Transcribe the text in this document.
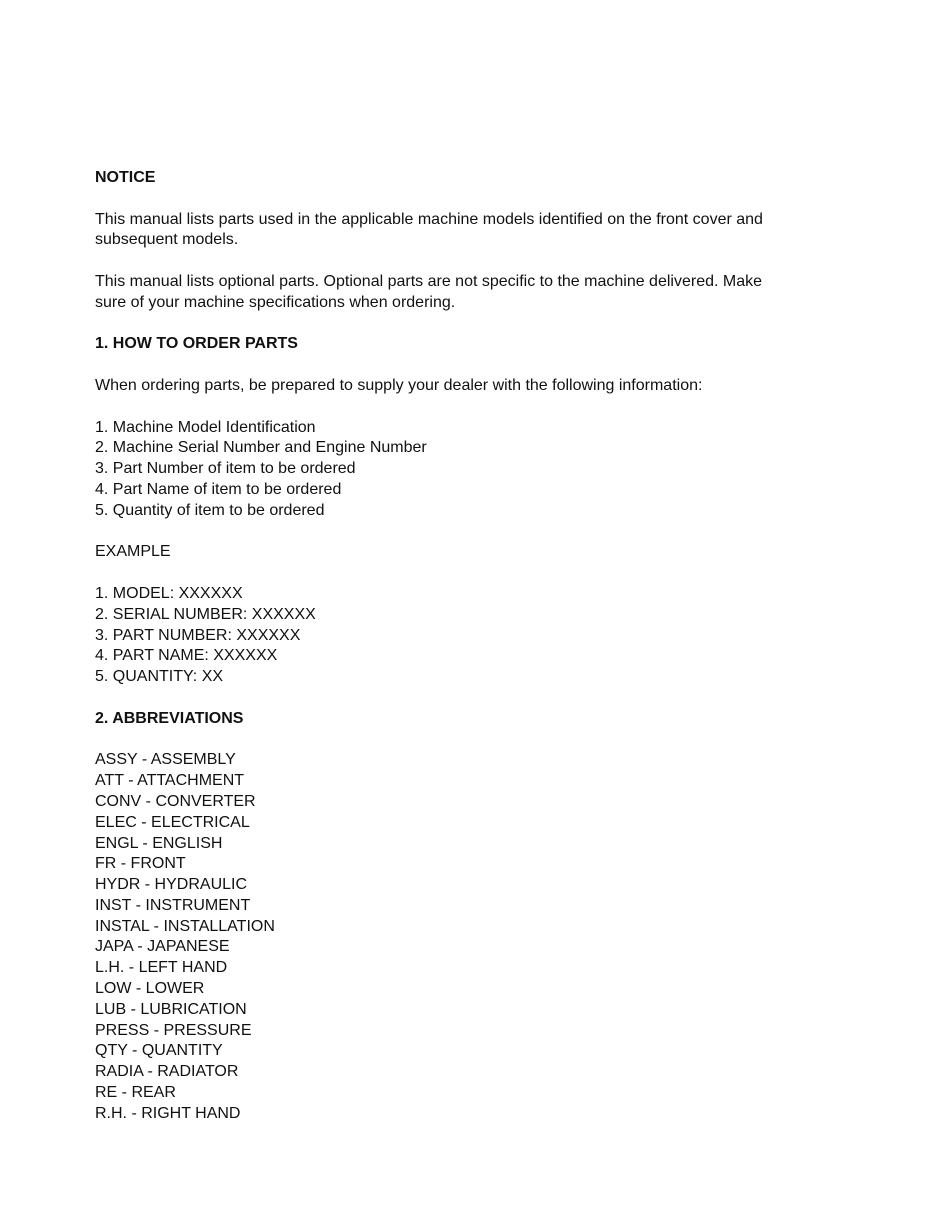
NOTICE

This manual lists parts used in the applicable machine models identified on the front cover and

subsequent models.

This manual lists optional parts. Optional parts are not specific to the machine delivered. Make

sure of your machine specifications when ordering.

1. HOW TO ORDER PARTS

When ordering parts, be prepared to supply your dealer with the following information:

1. Machine Model Identification

2. Machine Serial Number and Engine Number

3. Part Number of item to be ordered

4. Part Name of item to be ordered

5. Quantity of item to be ordered

EXAMPLE

1. MODEL: XXXXXX

2. SERIAL NUMBER: XXXXXX

3. PART NUMBER: XXXXXX

4. PART NAME: XXXXXX

5. QUANTITY: XX

2. ABBREVIATIONS

ASSY - ASSEMBLY

ATT - ATTACHMENT

CONV - CONVERTER

ELEC - ELECTRICAL

ENGL - ENGLISH

FR - FRONT

HYDR - HYDRAULIC

INST - INSTRUMENT

INSTAL - INSTALLATION

JAPA - JAPANESE

L.H. - LEFT HAND

LOW - LOWER

LUB - LUBRICATION

PRESS - PRESSURE

QTY - QUANTITY

RADIA - RADIATOR

RE - REAR

R.H. - RIGHT HAND
